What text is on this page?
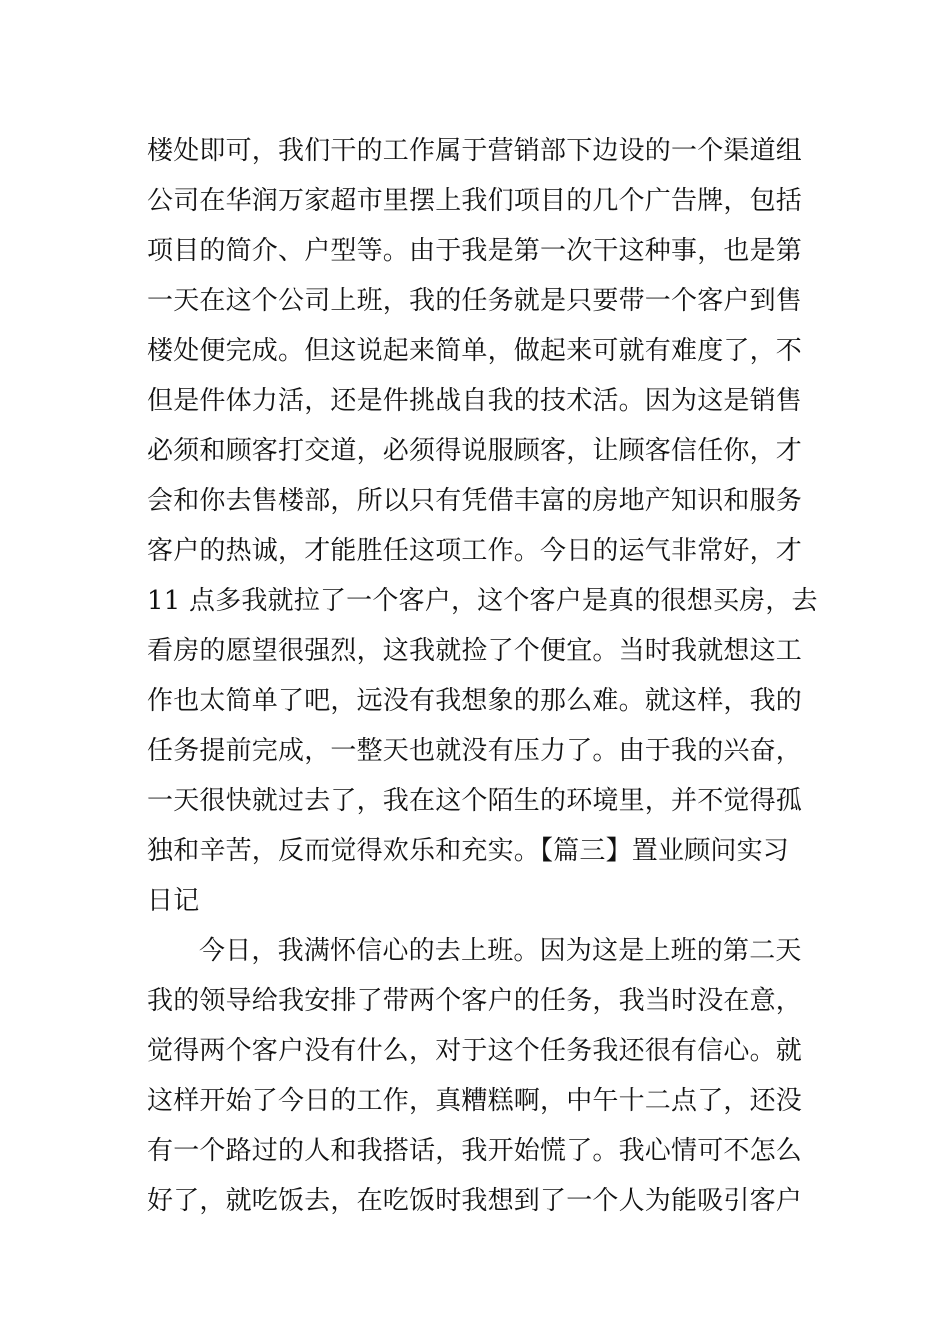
楼处即可，我们干的工作属于营销部下边设的一个渠道组
公司在华润万家超市里摆上我们项目的几个广告牌，包括
项目的简介、户型等。由于我是第一次干这种事，也是第
一天在这个公司上班，我的任务就是只要带一个客户到售
楼处便完成。但这说起来简单，做起来可就有难度了，不
但是件体力活，还是件挑战自我的技术活。因为这是销售
必须和顾客打交道，必须得说服顾客，让顾客信任你，才
会和你去售楼部，所以只有凭借丰富的房地产知识和服务
客户的热诚，才能胜任这项工作。今日的运气非常好，才
11 点多我就拉了一个客户，这个客户是真的很想买房，去
看房的愿望很强烈，这我就捡了个便宜。当时我就想这工
作也太简单了吧，远没有我想象的那么难。就这样，我的
任务提前完成，一整天也就没有压力了。由于我的兴奋，
一天很快就过去了，我在这个陌生的环境里，并不觉得孤
独和辛苦，反而觉得欢乐和充实。【篇三】置业顾问实习
日记
今日，我满怀信心的去上班。因为这是上班的第二天
我的领导给我安排了带两个客户的任务，我当时没在意，
觉得两个客户没有什么，对于这个任务我还很有信心。就
这样开始了今日的工作，真糟糕啊，中午十二点了，还没
有一个路过的人和我搭话，我开始慌了。我心情可不怎么
好了，就吃饭去，在吃饭时我想到了一个人为能吸引客户
